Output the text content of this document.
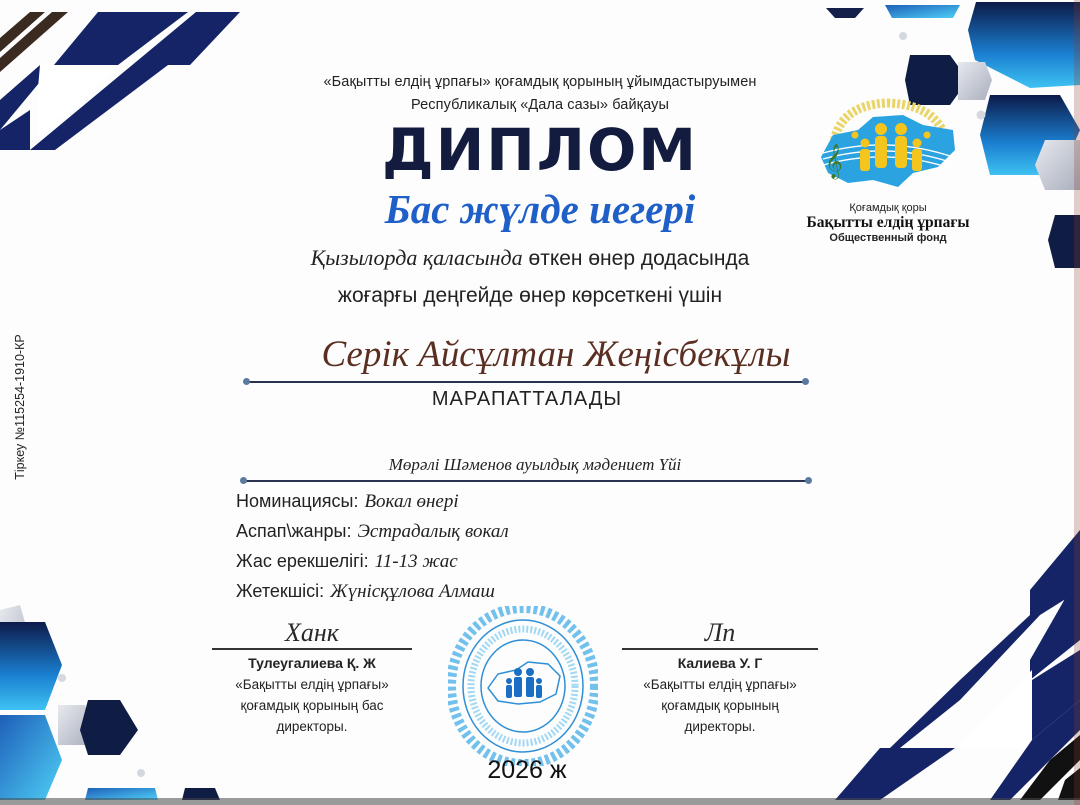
Тіркеу №115254-1910-КР
«Бақытты елдің ұрпағы» қоғамдық қорының ұйымдастыруымен
Республикалық «Дала сазы» байқауы
ДИПЛОМ
Бас жүлде иегері
𝄞
Қоғамдық қоры
Бақытты елдің ұрпағы
Общественный фонд
Қызылорда қаласында өткен өнер додасында
жоғарғы деңгейде өнер көрсеткені үшін
Серік Айсұлтан Жеңісбекұлы
МАРАПАТТАЛАДЫ
Мөрәлі Шәменов ауылдық мәдениет Үйі
Номинациясы: Вокал өнері
Аспап\жанры: Эстрадалық вокал
Жас ерекшелігі: 11-13 жас
Жетекшісі: Жүнісқұлова Алмаш
Ханк
Тулеугалиева Қ. Ж
«Бақытты елдің ұрпағы»
қоғамдық қорының бас
директоры.
Лn
Калиева У. Г
«Бақытты елдің ұрпағы»
қоғамдық қорының
директоры.
2026 ж
